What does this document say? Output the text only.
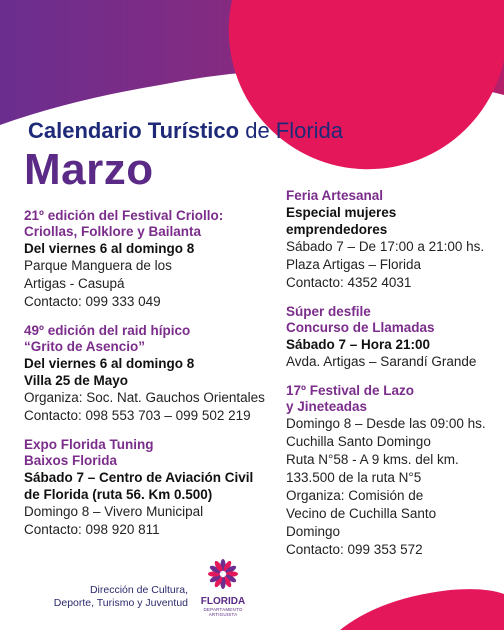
Calendario Turístico de Florida
Marzo
21º edición del Festival Criollo:
Criollas, Folklore y Bailanta
Del viernes 6 al domingo 8
Parque Manguera de los
Artigas - Casupá
Contacto: 099 333 049
49º edición del raid hípico
“Grito de Asencio”
Del viernes 6 al domingo 8
Villa 25 de Mayo
Organiza: Soc. Nat. Gauchos Orientales
Contacto: 098 553 703 – 099 502 219
Expo Florida Tuning
Baixos Florida
Sábado 7 – Centro de Aviación Civil
de Florida (ruta 56. Km 0.500)
Domingo 8 – Vivero Municipal
Contacto: 098 920 811
Feria Artesanal
Especial mujeres
emprendedores
Sábado 7 – De 17:00 a 21:00 hs.
Plaza Artigas – Florida
Contacto: 4352 4031
Súper desfile
Concurso de Llamadas
Sábado 7 – Hora 21:00
Avda. Artigas – Sarandí Grande
17º Festival de Lazo
y Jineteadas
Domingo 8 – Desde las 09:00 hs.
Cuchilla Santo Domingo
Ruta N°58 - A 9 kms. del km.
133.500 de la ruta N°5
Organiza: Comisión de
Vecino de Cuchilla Santo
Domingo
Contacto: 099 353 572
Dirección de Cultura,
Deporte, Turismo y Juventud	FLORIDA
DEPARTAMENTO ARTIGUISTA
